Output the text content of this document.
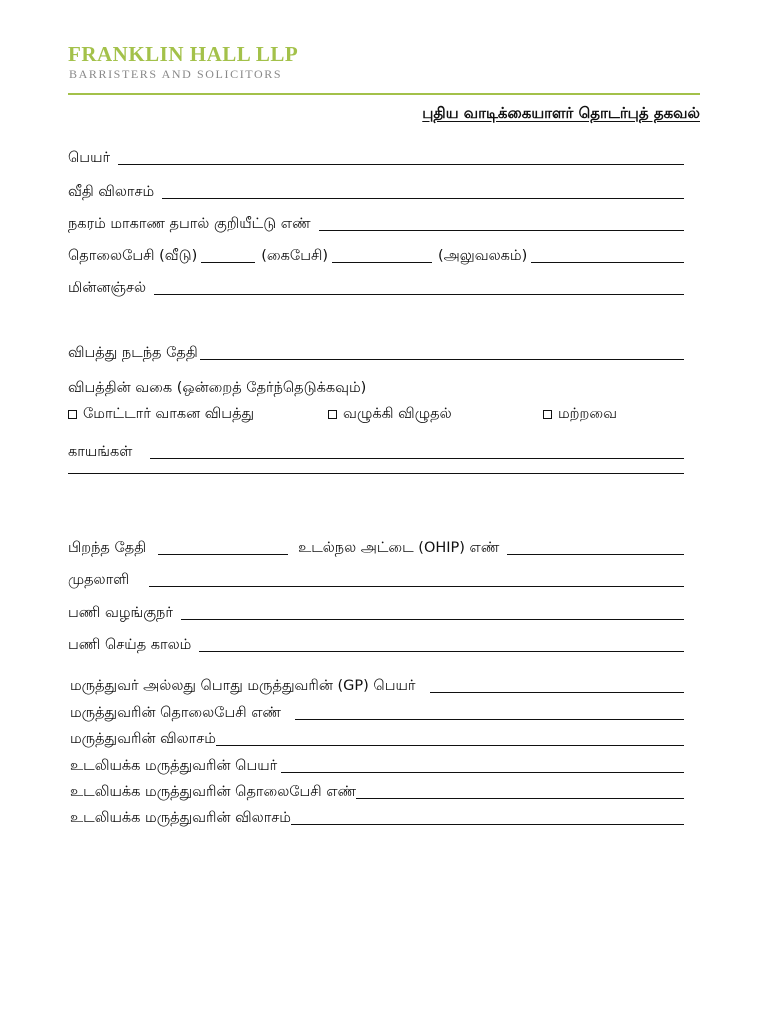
FRANKLIN HALL LLP
BARRISTERS AND SOLICITORS
புதிய வாடிக்கையாளர் தொடர்புத் தகவல்
பெயர்
வீதி விலாசம்
நகரம் மாகாண தபால் குறியீட்டு எண்
தொலைபேசி (வீடு)	(கைபேசி)	(அலுவலகம்)
மின்னஞ்சல்
விபத்து நடந்த தேதி
விபத்தின் வகை (ஒன்றைத் தேர்ந்தெடுக்கவும்)
மோட்டார் வாகன விபத்து	வழுக்கி விழுதல்	மற்றவை
காயங்கள்
பிறந்த தேதி	உடல்நல அட்டை (OHIP) எண்
முதலாளி
பணி வழங்குநர்
பணி செய்த காலம்
மருத்துவர் அல்லது பொது மருத்துவரின் (GP) பெயர்
மருத்துவரின் தொலைபேசி எண்
மருத்துவரின் விலாசம்
உடலியக்க மருத்துவரின் பெயர்
உடலியக்க மருத்துவரின் தொலைபேசி எண்
உடலியக்க மருத்துவரின் விலாசம்
